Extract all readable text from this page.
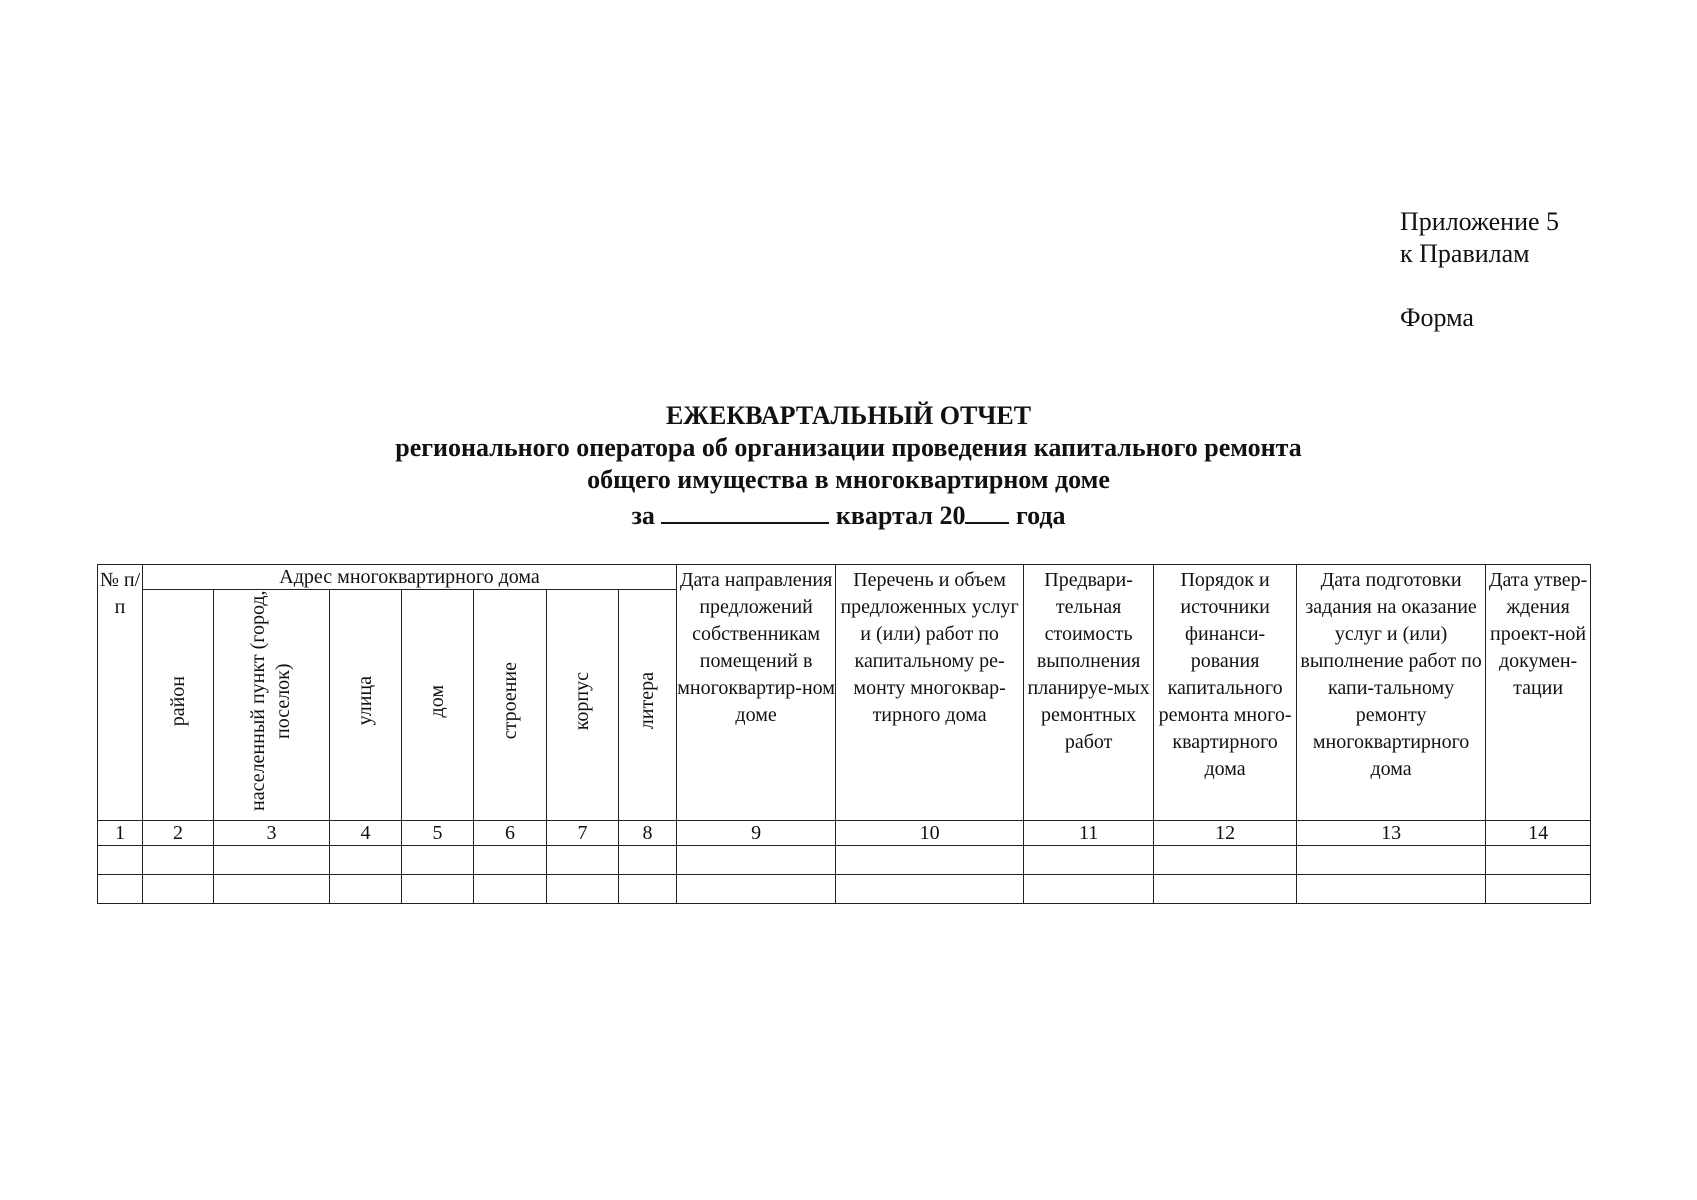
Приложение 5
к Правилам
Форма
ЕЖЕКВАРТАЛЬНЫЙ ОТЧЕТ
регионального оператора об организации проведения капитального ремонта
общего имущества в многоквартирном доме
за	квартал 20 года
№ п/п	Адрес многоквартирного дома							Дата направления предложений собственникам помещений в многоквартир-ном доме	Перечень и объем предложенных услуг и (или) работ по капитальному ре-монту многоквар-тирного дома	Предвари-тельная стоимость выполнения планируе-мых ремонтных работ	Порядок и источники финанси-рования капитального ремонта много-квартирного дома	Дата подготовки задания на оказание услуг и (или) выполнение работ по капи-тальному ремонту многоквартирного дома	Дата утвер-ждения проект-ной докумен-тации
	район	населенный пункт (город, поселок)	улица	дом	строение	корпус	литера						
1	2	3	4	5	6	7	8	9	10	11	12	13	14
